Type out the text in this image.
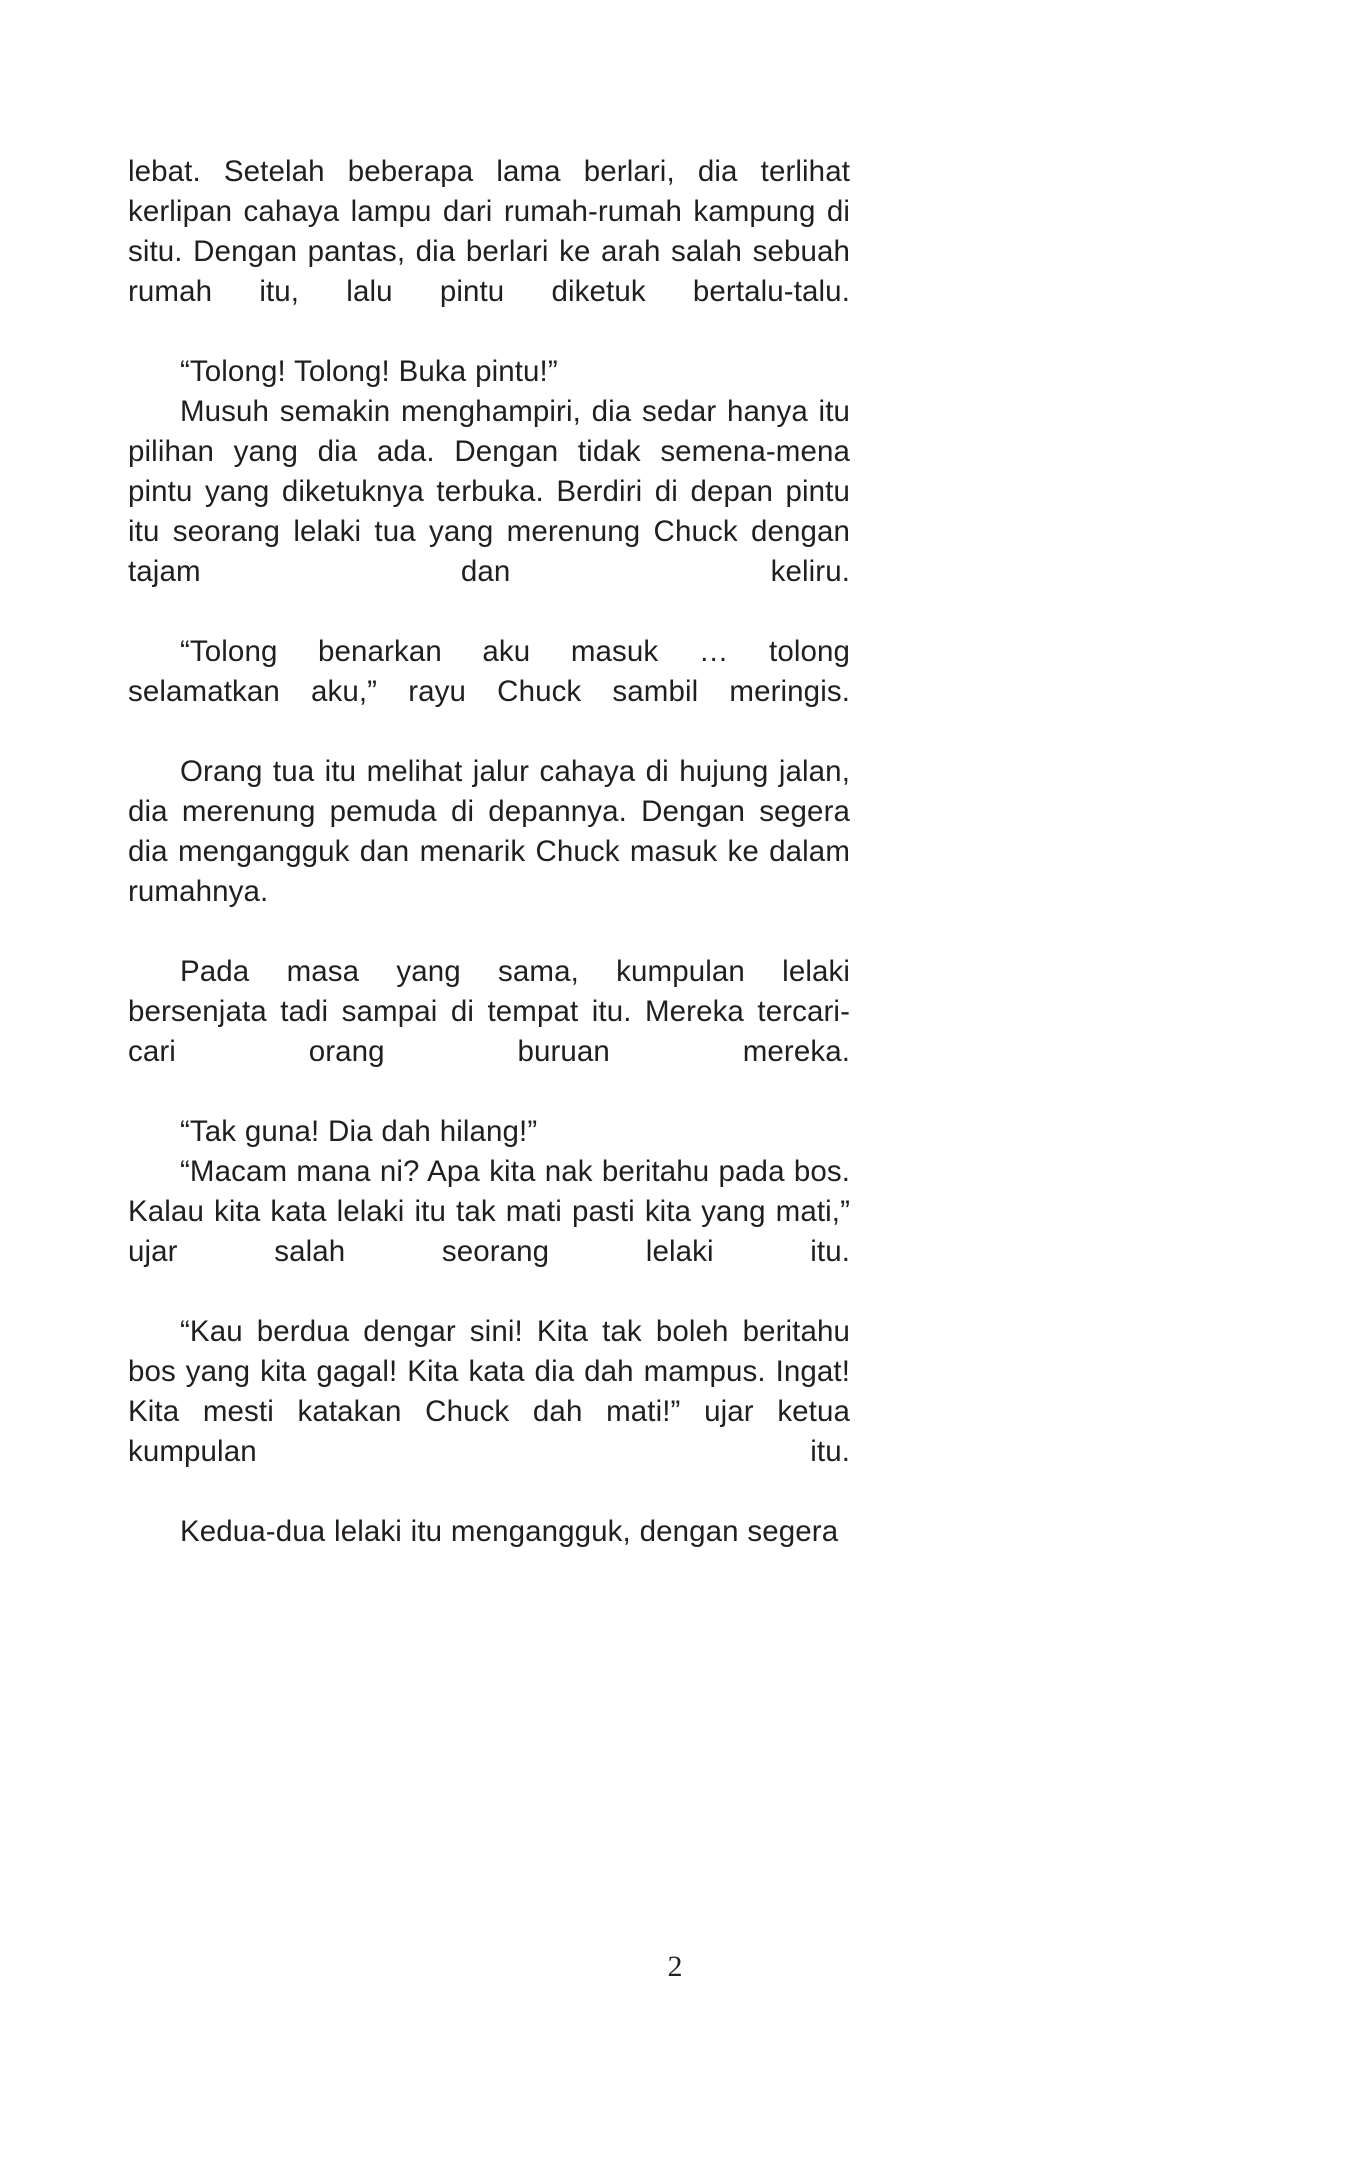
lebat. Setelah beberapa lama berlari, dia terlihat kerlipan cahaya lampu dari rumah-rumah kampung di situ. Dengan pantas, dia berlari ke arah salah sebuah rumah itu, lalu pintu diketuk bertalu-talu.

“Tolong! Tolong! Buka pintu!”

Musuh semakin menghampiri, dia sedar hanya itu pilihan yang dia ada. Dengan tidak semena-mena pintu yang diketuknya terbuka. Berdiri di depan pintu itu seorang lelaki tua yang merenung Chuck dengan tajam dan keliru.

“Tolong benarkan aku masuk … tolong selamatkan aku,” rayu Chuck sambil meringis.

Orang tua itu melihat jalur cahaya di hujung jalan, dia merenung pemuda di depannya. Dengan segera dia mengangguk dan menarik Chuck masuk ke dalam rumahnya.

Pada masa yang sama, kumpulan lelaki bersenjata tadi sampai di tempat itu. Mereka tercari-cari orang buruan mereka.

“Tak guna! Dia dah hilang!”

“Macam mana ni? Apa kita nak beritahu pada bos. Kalau kita kata lelaki itu tak mati pasti kita yang mati,” ujar salah seorang lelaki itu.

“Kau berdua dengar sini! Kita tak boleh beritahu bos yang kita gagal! Kita kata dia dah mampus. Ingat! Kita mesti katakan Chuck dah mati!” ujar ketua kumpulan itu.

Kedua-dua lelaki itu mengangguk, dengan segera

2
